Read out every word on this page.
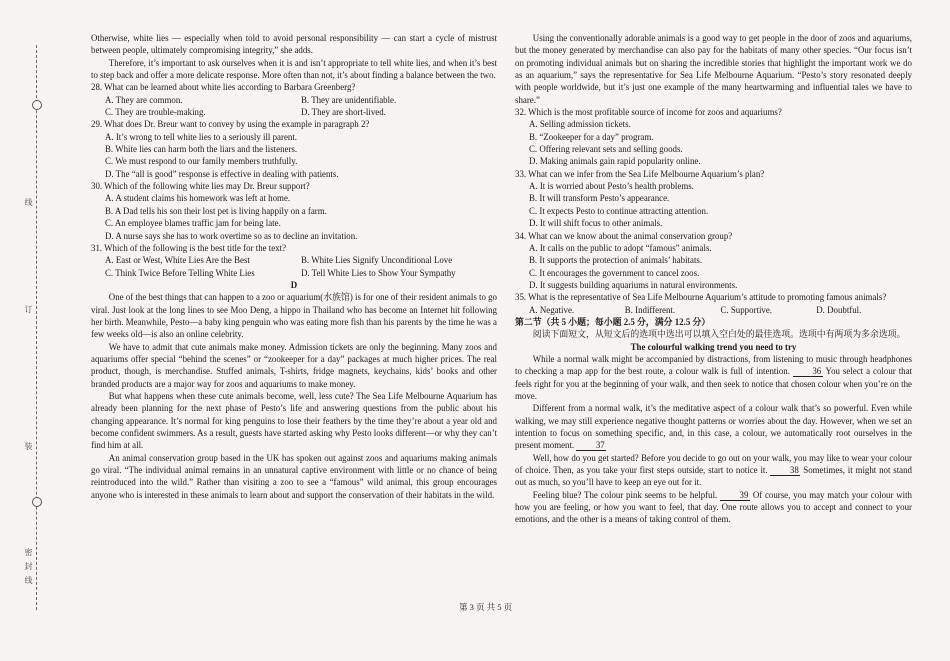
线
订
装
密
封
线

Otherwise, white lies — especially when told to avoid personal responsibility — can start a cycle of mistrust between people, ultimately compromising integrity,” she adds.

Therefore, it’s important to ask ourselves when it is and isn’t appropriate to tell white lies, and when it’s best to step back and offer a more delicate response. More often than not, it’s about finding a balance between the two.

28. What can be learned about white lies according to Barbara Greenberg?

A. They are common.	B. They are unidentifiable.
C. They are trouble-making.	D. They are short-lived.

29. What does Dr. Breur want to convey by using the example in paragraph 2?

A. It’s wrong to tell white lies to a seriously ill parent.

B. White lies can harm both the liars and the listeners.

C. We must respond to our family members truthfully.

D. The “all is good” response is effective in dealing with patients.

30. Which of the following white lies may Dr. Breur support?

A. A student claims his homework was left at home.

B. A Dad tells his son their lost pet is living happily on a farm.

C. An employee blames traffic jam for being late.

D. A nurse says she has to work overtime so as to decline an invitation.

31. Which of the following is the best title for the text?

A. East or West, White Lies Are the Best	B. White Lies Signify Unconditional Love
C. Think Twice Before Telling White Lies	D. Tell White Lies to Show Your Sympathy

D

One of the best things that can happen to a zoo or aquarium(水族馆) is for one of their resident animals to go viral. Just look at the long lines to see Moo Deng, a hippo in Thailand who has become an Internet hit following her birth. Meanwhile, Pesto—a baby king penguin who was eating more fish than his parents by the time he was a few weeks old—is also an online celebrity.

We have to admit that cute animals make money. Admission tickets are only the beginning. Many zoos and aquariums offer special “behind the scenes” or “zookeeper for a day” packages at much higher prices. The real product, though, is merchandise. Stuffed animals, T-shirts, fridge magnets, keychains, kids’ books and other branded products are a major way for zoos and aquariums to make money.

But what happens when these cute animals become, well, less cute? The Sea Life Melbourne Aquarium has already been planning for the next phase of Pesto’s life and answering questions from the public about his changing appearance. It’s normal for king penguins to lose their feathers by the time they’re about a year old and become confident swimmers. As a result, guests have started asking why Pesto looks different—or why they can’t find him at all.

An animal conservation group based in the UK has spoken out against zoos and aquariums making animals go viral. “The individual animal remains in an unnatural captive environment with little or no chance of being reintroduced into the wild.” Rather than visiting a zoo to see a “famous” wild animal, this group encourages anyone who is interested in these animals to learn about and support the conservation of their habitats in the wild.

Using the conventionally adorable animals is a good way to get people in the door of zoos and aquariums, but the money generated by merchandise can also pay for the habitats of many other species. “Our focus isn’t on promoting individual animals but on sharing the incredible stories that highlight the important work we do as an aquarium,” says the representative for Sea Life Melbourne Aquarium. “Pesto’s story resonated deeply with people worldwide, but it’s just one example of the many heartwarming and influential tales we have to share.”

32. Which is the most profitable source of income for zoos and aquariums?

A. Selling admission tickets.

B. “Zookeeper for a day” program.

C. Offering relevant sets and selling goods.

D. Making animals gain rapid popularity online.

33. What can we infer from the Sea Life Melbourne Aquarium’s plan?

A. It is worried about Pesto’s health problems.

B. It will transform Pesto’s appearance.

C. It expects Pesto to continue attracting attention.

D. It will shift focus to other animals.

34. What can we know about the animal conservation group?

A. It calls on the public to adopt “famous” animals.

B. It supports the protection of animals’ habitats.

C. It encourages the government to cancel zoos.

D. It suggests building aquariums in natural environments.

35. What is the representative of Sea Life Melbourne Aquarium’s attitude to promoting famous animals?

A. Negative.	B. Indifferent.	C. Supportive.	D. Doubtful.

第二节（共 5 小题；每小题 2.5 分，满分 12.5 分）

阅读下面短文，从短文后的选项中选出可以填入空白处的最佳选项。选项中有两项为多余选项。

The colourful walking trend you need to try

While a normal walk might be accompanied by distractions, from listening to music through headphones to checking a map app for the best route, a colour walk is full of intention. 36 You select a colour that feels right for you at the beginning of your walk, and then seek to notice that chosen colour when you’re on the move.

Different from a normal walk, it’s the meditative aspect of a colour walk that’s so powerful. Even while walking, we may still experience negative thought patterns or worries about the day. However, when we set an intention to focus on something specific, and, in this case, a colour, we automatically root ourselves in the present moment. 37

Well, how do you get started? Before you decide to go out on your walk, you may like to wear your colour of choice. Then, as you take your first steps outside, start to notice it. 38 Sometimes, it might not stand out as much, so you’ll have to keep an eye out for it.

Feeling blue? The colour pink seems to be helpful. 39 Of course, you may match your colour with how you are feeling, or how you want to feel, that day. One route allows you to accept and connect to your emotions, and the other is a means of taking control of them.

第 3 页 共 5 页
